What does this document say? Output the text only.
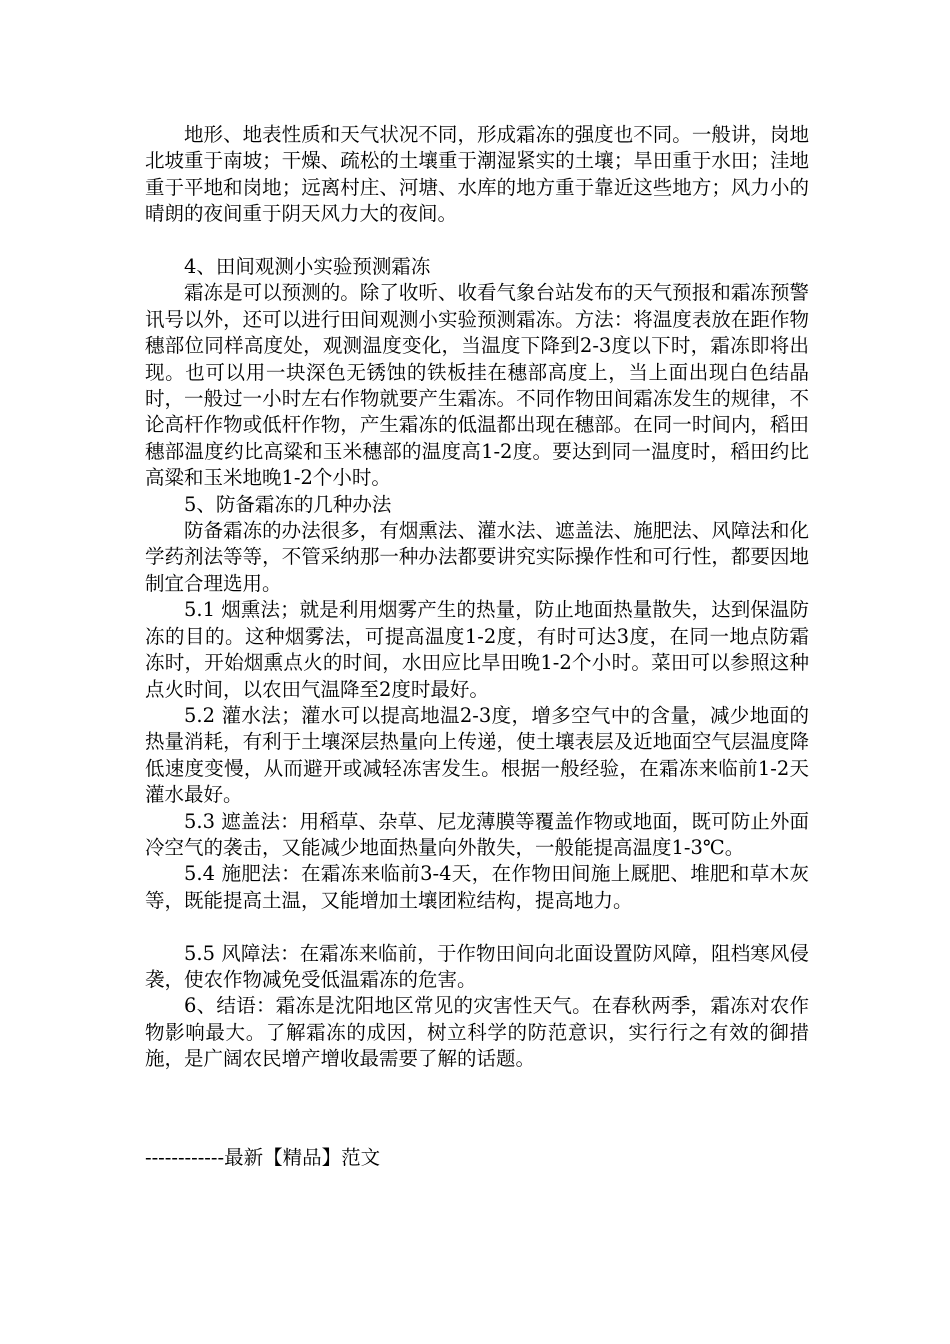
地形、地表性质和天气状况不同，形成霜冻的强度也不同。一般讲，岗地北坡重于南坡；干燥、疏松的土壤重于潮湿紧实的土壤；旱田重于水田；洼地重于平地和岗地；远离村庄、河塘、水库的地方重于靠近这些地方；风力小的晴朗的夜间重于阴天风力大的夜间。

4、田间观测小实验预测霜冻

霜冻是可以预测的。除了收听、收看气象台站发布的天气预报和霜冻预警讯号以外，还可以进行田间观测小实验预测霜冻。方法：将温度表放在距作物穗部位同样高度处，观测温度变化，当温度下降到2-3度以下时，霜冻即将出现。也可以用一块深色无锈蚀的铁板挂在穗部高度上，当上面出现白色结晶时，一般过一小时左右作物就要产生霜冻。不同作物田间霜冻发生的规律，不论高杆作物或低杆作物，产生霜冻的低温都出现在穗部。在同一时间内，稻田穗部温度约比高粱和玉米穗部的温度高1-2度。要达到同一温度时，稻田约比高粱和玉米地晚1-2个小时。

5、防备霜冻的几种办法

防备霜冻的办法很多，有烟熏法、灌水法、遮盖法、施肥法、风障法和化学药剂法等等，不管采纳那一种办法都要讲究实际操作性和可行性，都要因地制宜合理选用。

5.1 烟熏法；就是利用烟雾产生的热量，防止地面热量散失，达到保温防冻的目的。这种烟雾法，可提高温度1-2度，有时可达3度，在同一地点防霜冻时，开始烟熏点火的时间，水田应比旱田晚1-2个小时。菜田可以参照这种点火时间，以农田气温降至2度时最好。

5.2 灌水法；灌水可以提高地温2-3度，增多空气中的含量，减少地面的热量消耗，有利于土壤深层热量向上传递，使土壤表层及近地面空气层温度降低速度变慢，从而避开或减轻冻害发生。根据一般经验，在霜冻来临前1-2天灌水最好。

5.3 遮盖法：用稻草、杂草、尼龙薄膜等覆盖作物或地面，既可防止外面冷空气的袭击，又能减少地面热量向外散失，一般能提高温度1-3℃。

5.4 施肥法：在霜冻来临前3-4天，在作物田间施上厩肥、堆肥和草木灰等，既能提高土温，又能增加土壤团粒结构，提高地力。

5.5 风障法：在霜冻来临前，于作物田间向北面设置防风障，阻档寒风侵袭，使农作物减免受低温霜冻的危害。

6、结语：霜冻是沈阳地区常见的灾害性天气。在春秋两季，霜冻对农作物影响最大。了解霜冻的成因，树立科学的防范意识，实行行之有效的御措施，是广阔农民增产增收最需要了解的话题。

------------最新【精品】范文
